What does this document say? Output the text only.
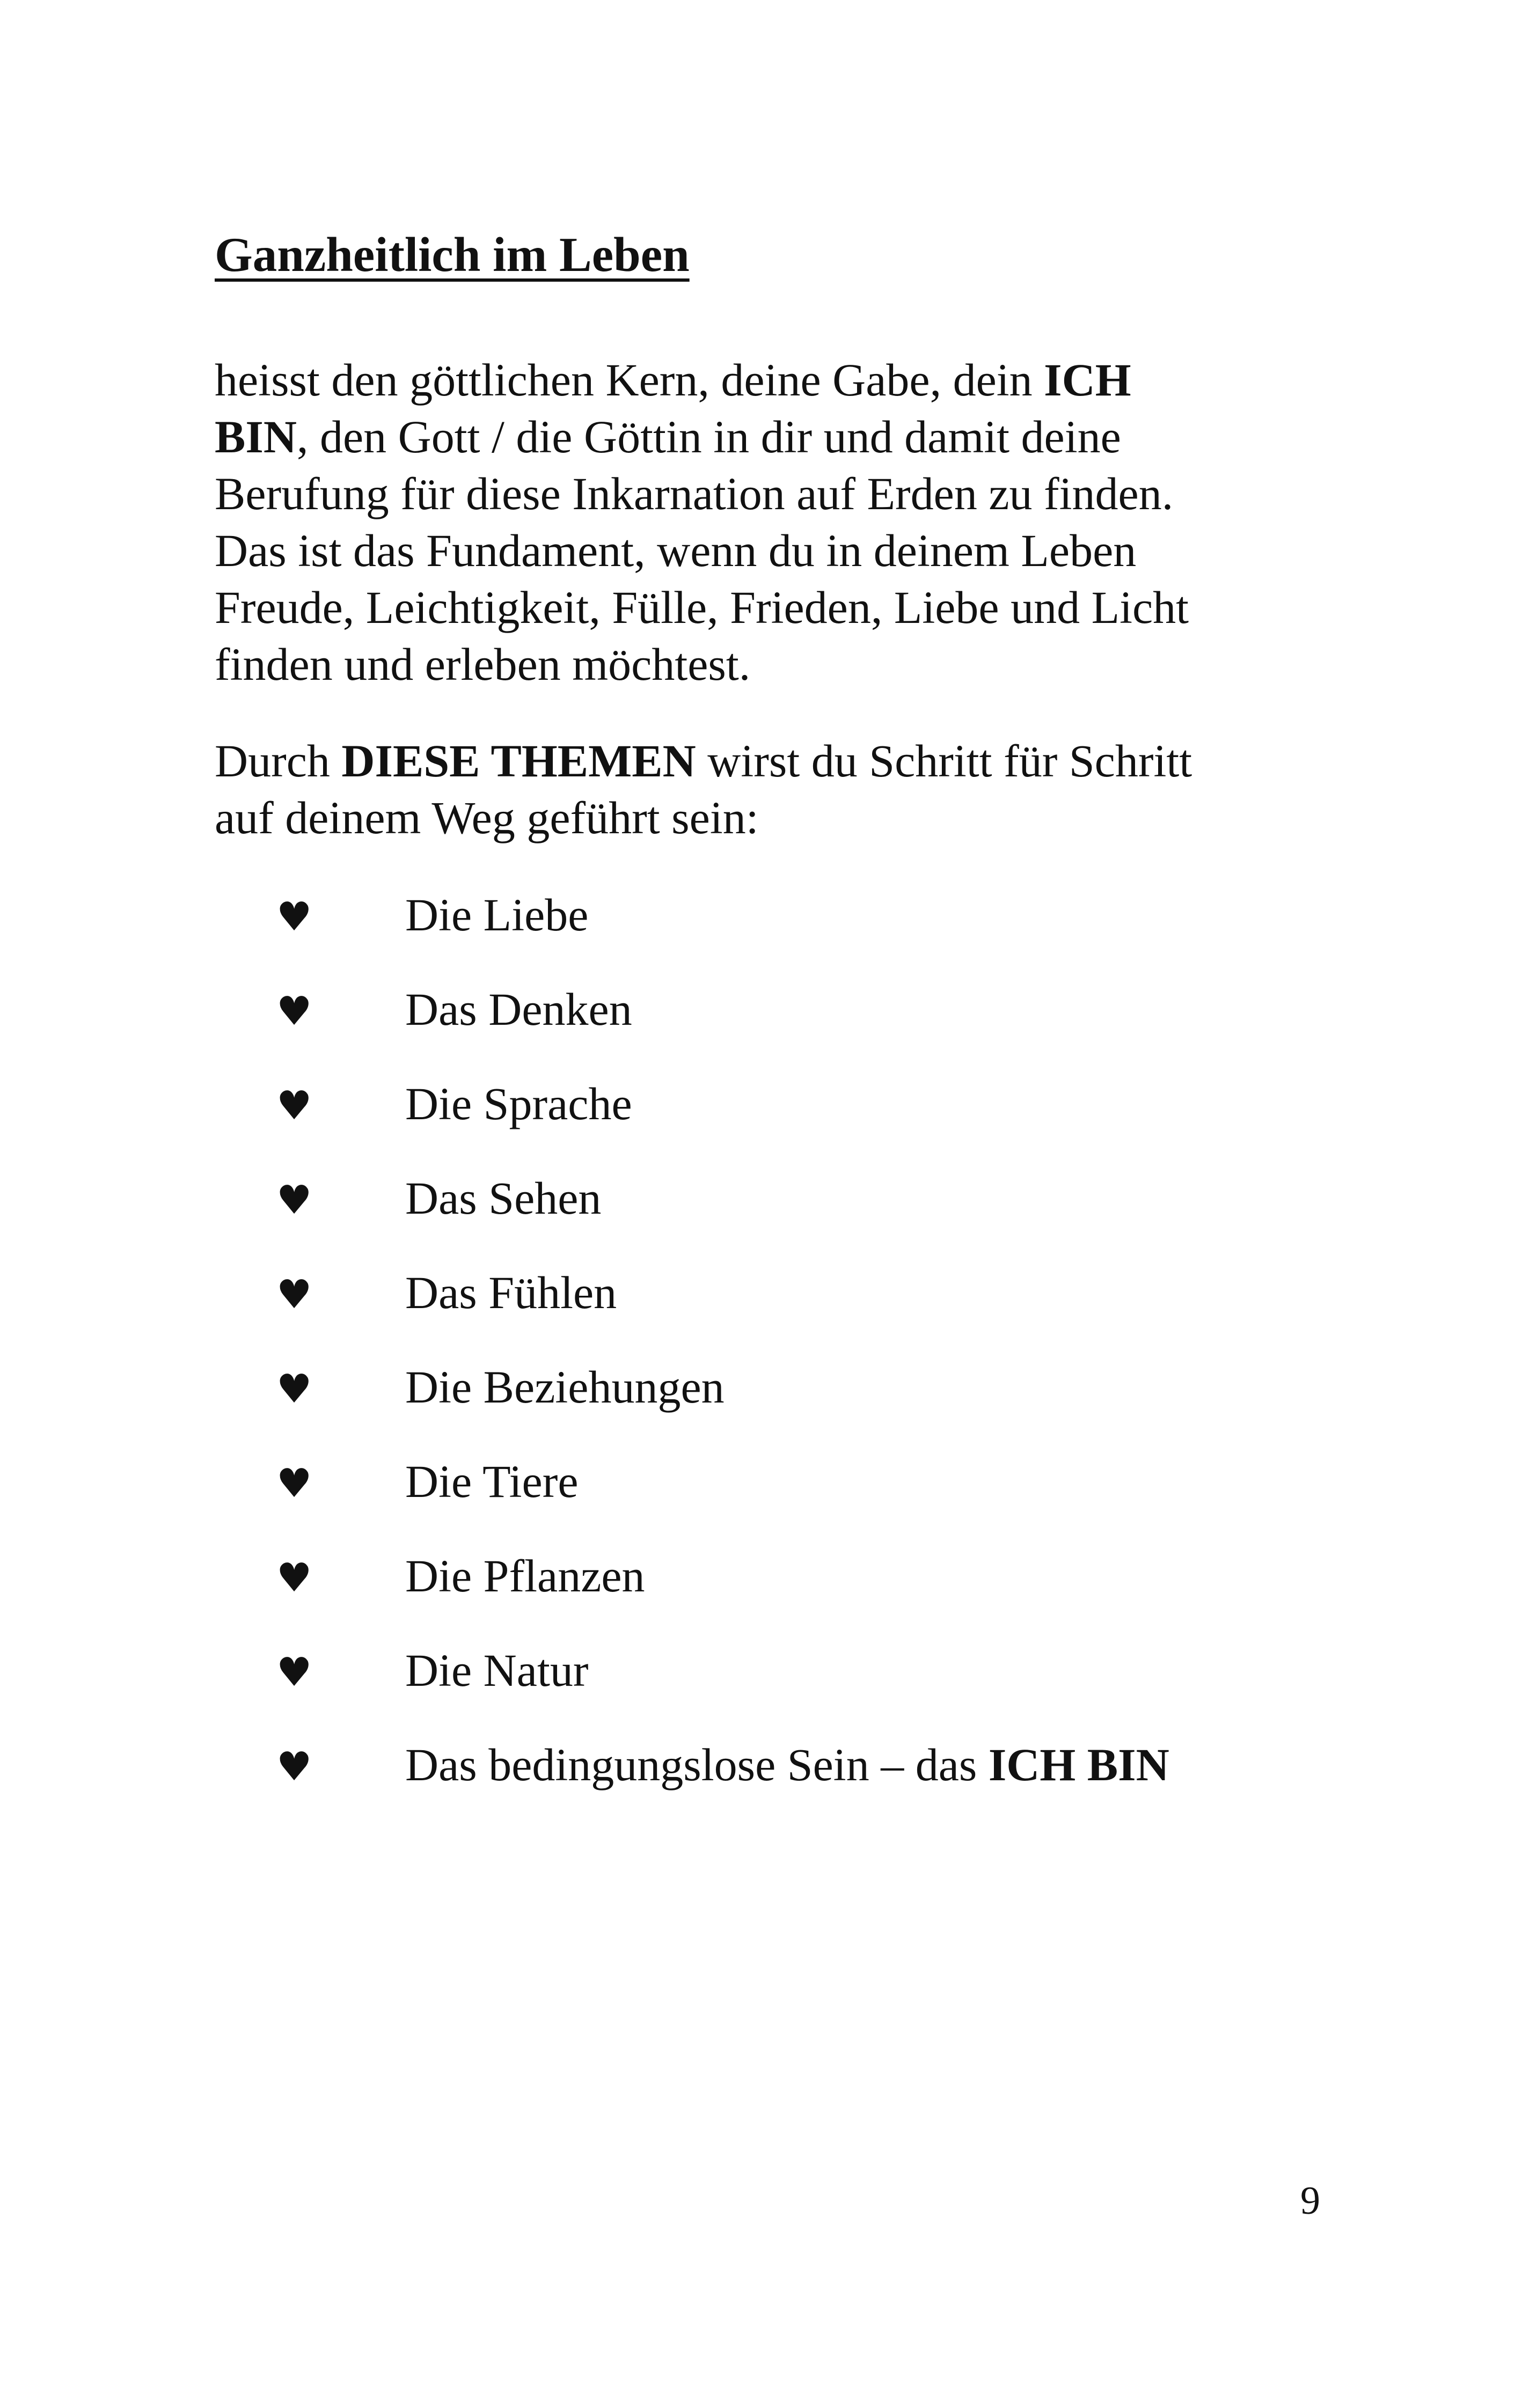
Ganzheitlich im Leben

heisst den göttlichen Kern, deine Gabe, dein ICH
BIN, den Gott / die Göttin in dir und damit deine
Berufung für diese Inkarnation auf Erden zu finden.
Das ist das Fundament, wenn du in deinem Leben
Freude, Leichtigkeit, Fülle, Frieden, Liebe und Licht
finden und erleben möchtest.

Durch DIESE THEMEN wirst du Schritt für Schritt
auf deinem Weg geführt sein:

♥	Die Liebe
♥	Das Denken
♥	Die Sprache
♥	Das Sehen
♥	Das Fühlen
♥	Die Beziehungen
♥	Die Tiere
♥	Die Pflanzen
♥	Die Natur
♥	Das bedingungslose Sein – das ICH BIN

9
